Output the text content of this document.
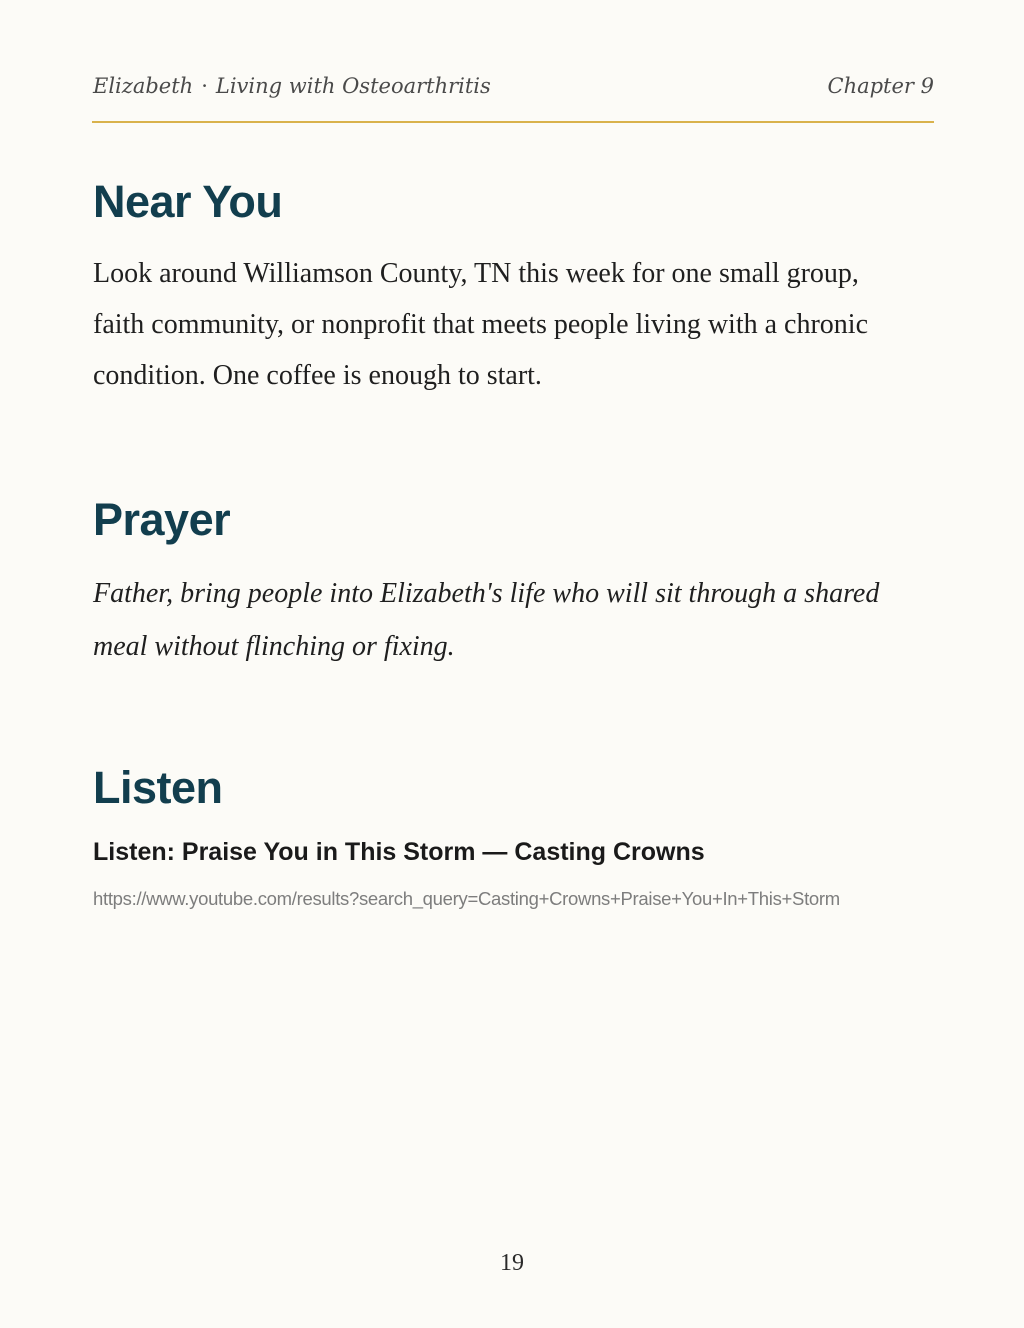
Elizabeth · Living with Osteoarthritis	Chapter 9
Near You

Look around Williamson County, TN this week for one small group, faith community, or nonprofit that meets people living with a chronic condition. One coffee is enough to start.

Prayer

Father, bring people into Elizabeth's life who will sit through a shared meal without flinching or fixing.

Listen

Listen: Praise You in This Storm — Casting Crowns

https://www.youtube.com/results?search_query=Casting+Crowns+Praise+You+In+This+Storm
19
